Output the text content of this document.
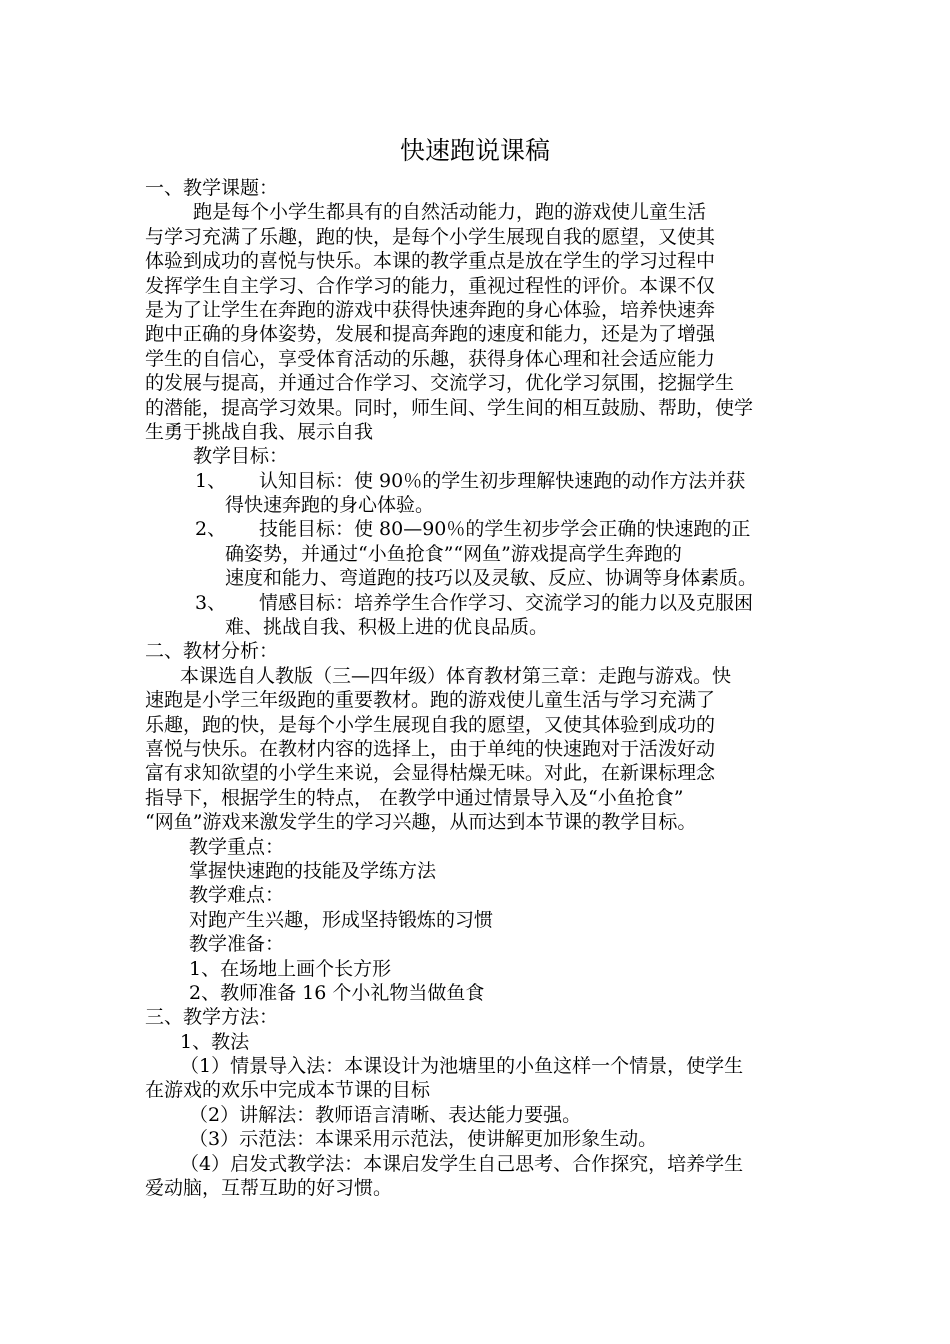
快速跑说课稿
一、教学课题：
跑是每个小学生都具有的自然活动能力，跑的游戏使儿童生活
与学习充满了乐趣，跑的快，是每个小学生展现自我的愿望，又使其
体验到成功的喜悦与快乐。本课的教学重点是放在学生的学习过程中
发挥学生自主学习、合作学习的能力，重视过程性的评价。本课不仅
是为了让学生在奔跑的游戏中获得快速奔跑的身心体验，培养快速奔
跑中正确的身体姿势，发展和提高奔跑的速度和能力，还是为了增强
学生的自信心，享受体育活动的乐趣，获得身体心理和社会适应能力
的发展与提高，并通过合作学习、交流学习，优化学习氛围，挖掘学生
的潜能，提高学习效果。同时，师生间、学生间的相互鼓励、帮助，使学
生勇于挑战自我、展示自我
教学目标：
1、 认知目标：使 90％的学生初步理解快速跑的动作方法并获
得快速奔跑的身心体验。
2、 技能目标：使 80—90％的学生初步学会正确的快速跑的正
确姿势，并通过“小鱼抢食”“网鱼”游戏提高学生奔跑的
速度和能力、弯道跑的技巧以及灵敏、反应、协调等身体素质。
3、 情感目标：培养学生合作学习、交流学习的能力以及克服困
难、挑战自我、积极上进的优良品质。
二、教材分析：
本课选自人教版（三—四年级）体育教材第三章：走跑与游戏。快
速跑是小学三年级跑的重要教材。跑的游戏使儿童生活与学习充满了
乐趣，跑的快，是每个小学生展现自我的愿望，又使其体验到成功的
喜悦与快乐。在教材内容的选择上，由于单纯的快速跑对于活泼好动
富有求知欲望的小学生来说，会显得枯燥无味。对此，在新课标理念
指导下，根据学生的特点， 在教学中通过情景导入及“小鱼抢食”
“网鱼”游戏来激发学生的学习兴趣，从而达到本节课的教学目标。
教学重点：
掌握快速跑的技能及学练方法
教学难点：
对跑产生兴趣，形成坚持锻炼的习惯
教学准备：
1、在场地上画个长方形
2、教师准备 16 个小礼物当做鱼食
三、教学方法：
1、教法
（1）情景导入法：本课设计为池塘里的小鱼这样一个情景，使学生
在游戏的欢乐中完成本节课的目标
（2）讲解法：教师语言清晰、表达能力要强。
（3）示范法：本课采用示范法，使讲解更加形象生动。
（4）启发式教学法：本课启发学生自己思考、合作探究，培养学生
爱动脑，互帮互助的好习惯。
